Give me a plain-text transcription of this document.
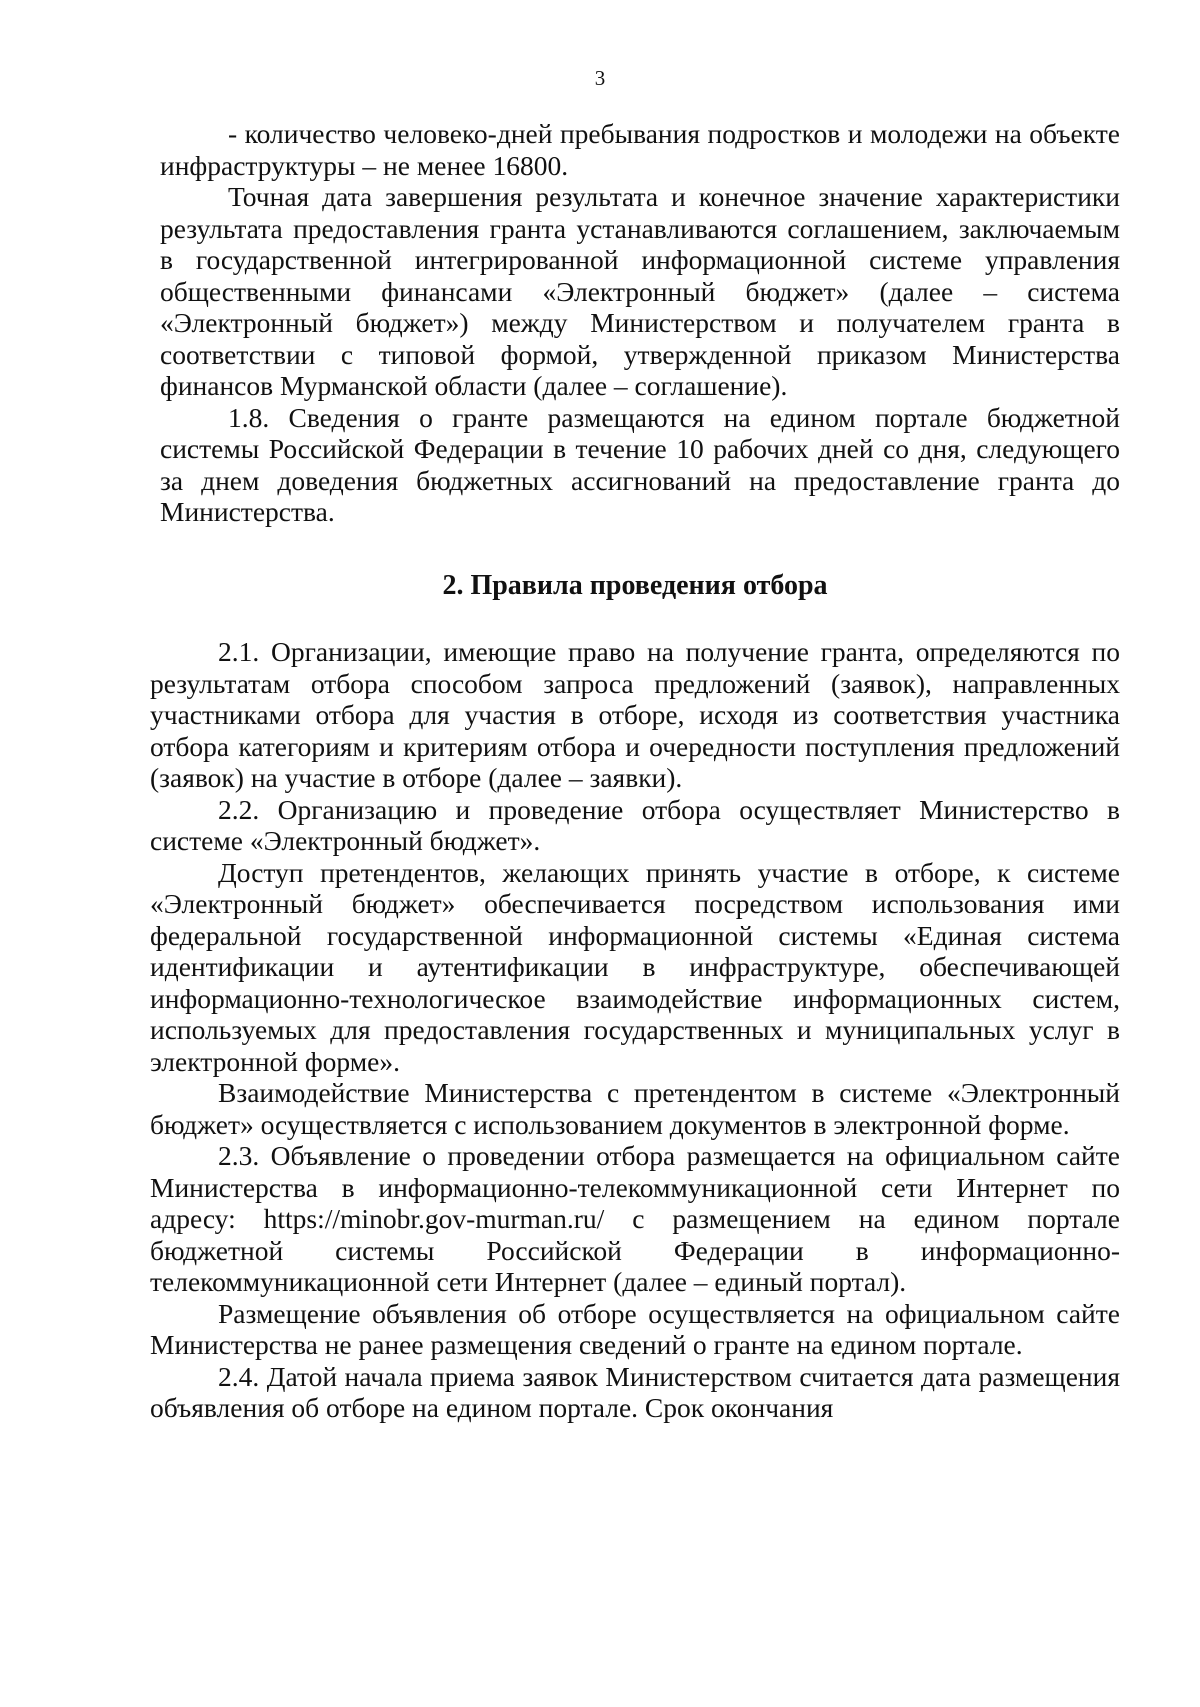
3

- количество человеко-дней пребывания подростков и молодежи на объекте инфраструктуры – не менее 16800.

Точная дата завершения результата и конечное значение характеристики результата предоставления гранта устанавливаются соглашением, заключаемым в государственной интегрированной информационной системе управления общественными финансами «Электронный бюджет» (далее – система «Электронный бюджет») между Министерством и получателем гранта в соответствии с типовой формой, утвержденной приказом Министерства финансов Мурманской области (далее – соглашение).

1.8. Сведения о гранте размещаются на едином портале бюджетной системы Российской Федерации в течение 10 рабочих дней со дня, следующего за днем доведения бюджетных ассигнований на предоставление гранта до Министерства.

2. Правила проведения отбора

2.1. Организации, имеющие право на получение гранта, определяются по результатам отбора способом запроса предложений (заявок), направленных участниками отбора для участия в отборе, исходя из соответствия участника отбора категориям и критериям отбора и очередности поступления предложений (заявок) на участие в отборе (далее – заявки).

2.2. Организацию и проведение отбора осуществляет Министерство в системе «Электронный бюджет».

Доступ претендентов, желающих принять участие в отборе, к системе «Электронный бюджет» обеспечивается посредством использования ими федеральной государственной информационной системы «Единая система идентификации и аутентификации в инфраструктуре, обеспечивающей информационно-технологическое взаимодействие информационных систем, используемых для предоставления государственных и муниципальных услуг в электронной форме».

Взаимодействие Министерства с претендентом в системе «Электронный бюджет» осуществляется с использованием документов в электронной форме.

2.3. Объявление о проведении отбора размещается на официальном сайте Министерства в информационно-телекоммуникационной сети Интернет по адресу: https://minobr.gov-murman.ru/ с размещением на едином портале бюджетной системы Российской Федерации в информационно-телекоммуникационной сети Интернет (далее – единый портал).

Размещение объявления об отборе осуществляется на официальном сайте Министерства не ранее размещения сведений о гранте на едином портале.

2.4. Датой начала приема заявок Министерством считается дата размещения объявления об отборе на едином портале. Срок окончания
